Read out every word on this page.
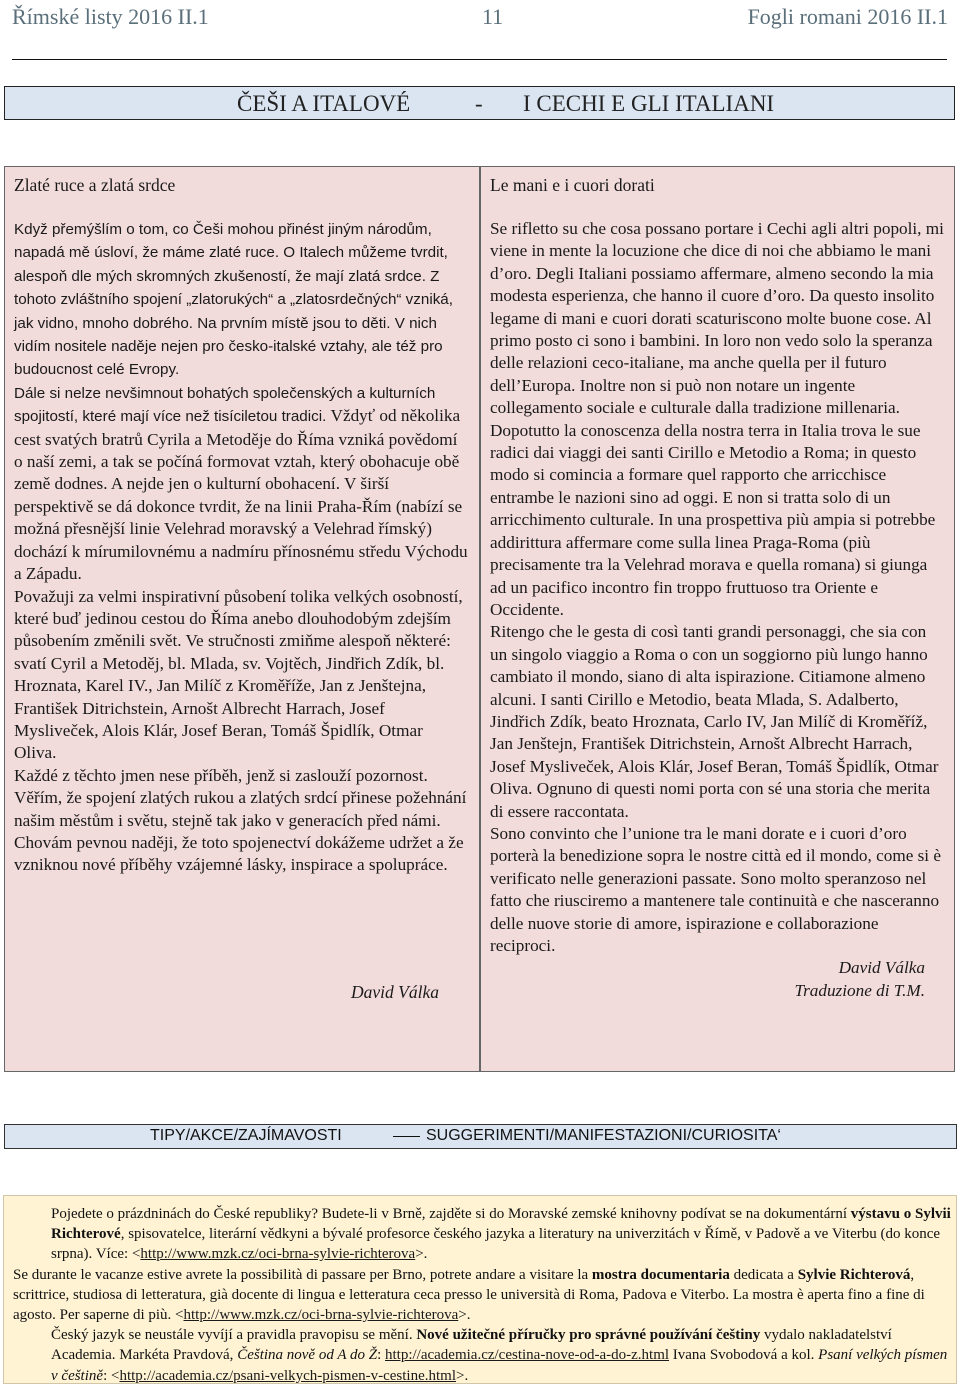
Římské listy 2016 II.1	11	Fogli romani 2016 II.1
ČEŠI A ITALOVÉ	- I CECHI E GLI ITALIANI
Zlaté ruce a zlatá srdce

Když přemýšlím o tom, co Češi mohou přinést jiným národům, napadá mě úsloví, že máme zlaté ruce. O Italech můžeme tvrdit, alespoň dle mých skromných zkušeností, že mají zlatá srdce. Z tohoto zvláštního spojení „zlatorukých“ a „zlatosrdečných“ vzniká, jak vidno, mnoho dobrého. Na prvním místě jsou to děti. V nich vidím nositele naděje nejen pro česko-italské vztahy, ale též pro budoucnost celé Evropy.

Dále si nelze nevšimnout bohatých společenských a kulturních spojitostí, které mají více než tisíciletou tradici. Vždyť od několika cest svatých bratrů Cyrila a Metoděje do Říma vzniká povědomí o naší zemi, a tak se počíná formovat vztah, který obohacuje obě země dodnes. A nejde jen o kulturní obohacení. V širší perspektivě se dá dokonce tvrdit, že na linii Praha-Řím (nabízí se možná přesnější linie Velehrad moravský a Velehrad římský) dochází k mírumilovnému a nadmíru přínosnému středu Východu a Západu.

Považuji za velmi inspirativní působení tolika velkých osobností, které buď jedinou cestou do Říma anebo dlouhodobým zdejším působením změnili svět. Ve stručnosti zmiňme alespoň některé: svatí Cyril a Metoděj, bl. Mlada, sv. Vojtěch, Jindřich Zdík, bl. Hroznata, Karel IV., Jan Milíč z Kroměříže, Jan z Jenštejna, František Ditrichstein, Arnošt Albrecht Harrach, Josef Mysliveček, Alois Klár, Josef Beran, Tomáš Špidlík, Otmar Oliva.

Každé z těchto jmen nese příběh, jenž si zaslouží pozornost.

Věřím, že spojení zlatých rukou a zlatých srdcí přinese požehnání našim městům i světu, stejně tak jako v generacích před námi. Chovám pevnou naději, že toto spojenectví dokážeme udržet a že vzniknou nové příběhy vzájemné lásky, inspirace a spolupráce.

David Válka
Le mani e i cuori dorati

Se rifletto su che cosa possano portare i Cechi agli altri popoli, mi viene in mente la locuzione che dice di noi che abbiamo le mani d’oro. Degli Italiani possiamo affermare, almeno secondo la mia modesta esperienza, che hanno il cuore d’oro. Da questo insolito legame di mani e cuori dorati scaturiscono molte buone cose. Al primo posto ci sono i bambini. In loro non vedo solo la speranza delle relazioni ceco-italiane, ma anche quella per il futuro dell’Europa. Inoltre non si può non notare un ingente collegamento sociale e culturale dalla tradizione millenaria. Dopotutto la conoscenza della nostra terra in Italia trova le sue radici dai viaggi dei santi Cirillo e Metodio a Roma; in questo modo si comincia a formare quel rapporto che arricchisce entrambe le nazioni sino ad oggi. E non si tratta solo di un arricchimento culturale. In una prospettiva più ampia si potrebbe addirittura affermare come sulla linea Praga-Roma (più precisamente tra la Velehrad morava e quella romana) si giunga ad un pacifico incontro fin troppo fruttuoso tra Oriente e Occidente.

Ritengo che le gesta di così tanti grandi personaggi, che sia con un singolo viaggio a Roma o con un soggiorno più lungo hanno cambiato il mondo, siano di alta ispirazione. Citiamone almeno alcuni. I santi Cirillo e Metodio, beata Mlada, S. Adalberto, Jindřich Zdík, beato Hroznata, Carlo IV, Jan Milíč di Kroměříž, Jan Jenštejn, František Ditrichstein, Arnošt Albrecht Harrach, Josef Mysliveček, Alois Klár, Josef Beran, Tomáš Špidlík, Otmar Oliva. Ognuno di questi nomi porta con sé una storia che merita di essere raccontata.

Sono convinto che l’unione tra le mani dorate e i cuori d’oro porterà la benedizione sopra le nostre città ed il mondo, come si è verificato nelle generazioni passate. Sono molto speranzoso nel fatto che riusciremo a mantenere tale continuità e che nasceranno delle nuove storie di amore, ispirazione e collaborazione reciproci.

David Válka

Traduzione di T.M.

TIPY/AKCE/ZAJÍMAVOSTI	SUGGERIMENTI/MANIFESTAZIONI/CURIOSITA‘

Pojedete o prázdninách do České republiky? Budete-li v Brně, zajděte si do Moravské zemské knihovny podívat se na dokumentární výstavu o Sylvii Richterové, spisovatelce, literární vědkyni a bývalé profesorce českého jazyka a literatury na univerzitách v Římě, v Padově a ve Viterbu (do konce srpna). Více: <http://www.mzk.cz/oci-brna-sylvie-richterova>.

Se durante le vacanze estive avrete la possibilità di passare per Brno, potrete andare a visitare la mostra documentaria dedicata a Sylvie Richterová, scrittrice, studiosa di letteratura, già docente di lingua e letteratura ceca presso le università di Roma, Padova e Viterbo. La mostra è aperta fino a fine di agosto. Per saperne di più. <http://www.mzk.cz/oci-brna-sylvie-richterova>.

Český jazyk se neustále vyvíjí a pravidla pravopisu se mění. Nové užitečné příručky pro správné používání češtiny vydalo nakladatelství Academia. Markéta Pravdová, Čeština nově od A do Ž: http://academia.cz/cestina-nove-od-a-do-z.html Ivana Svobodová a kol. Psaní velkých písmen v češtině: <http://academia.cz/psani-velkych-pismen-v-cestine.html>.
